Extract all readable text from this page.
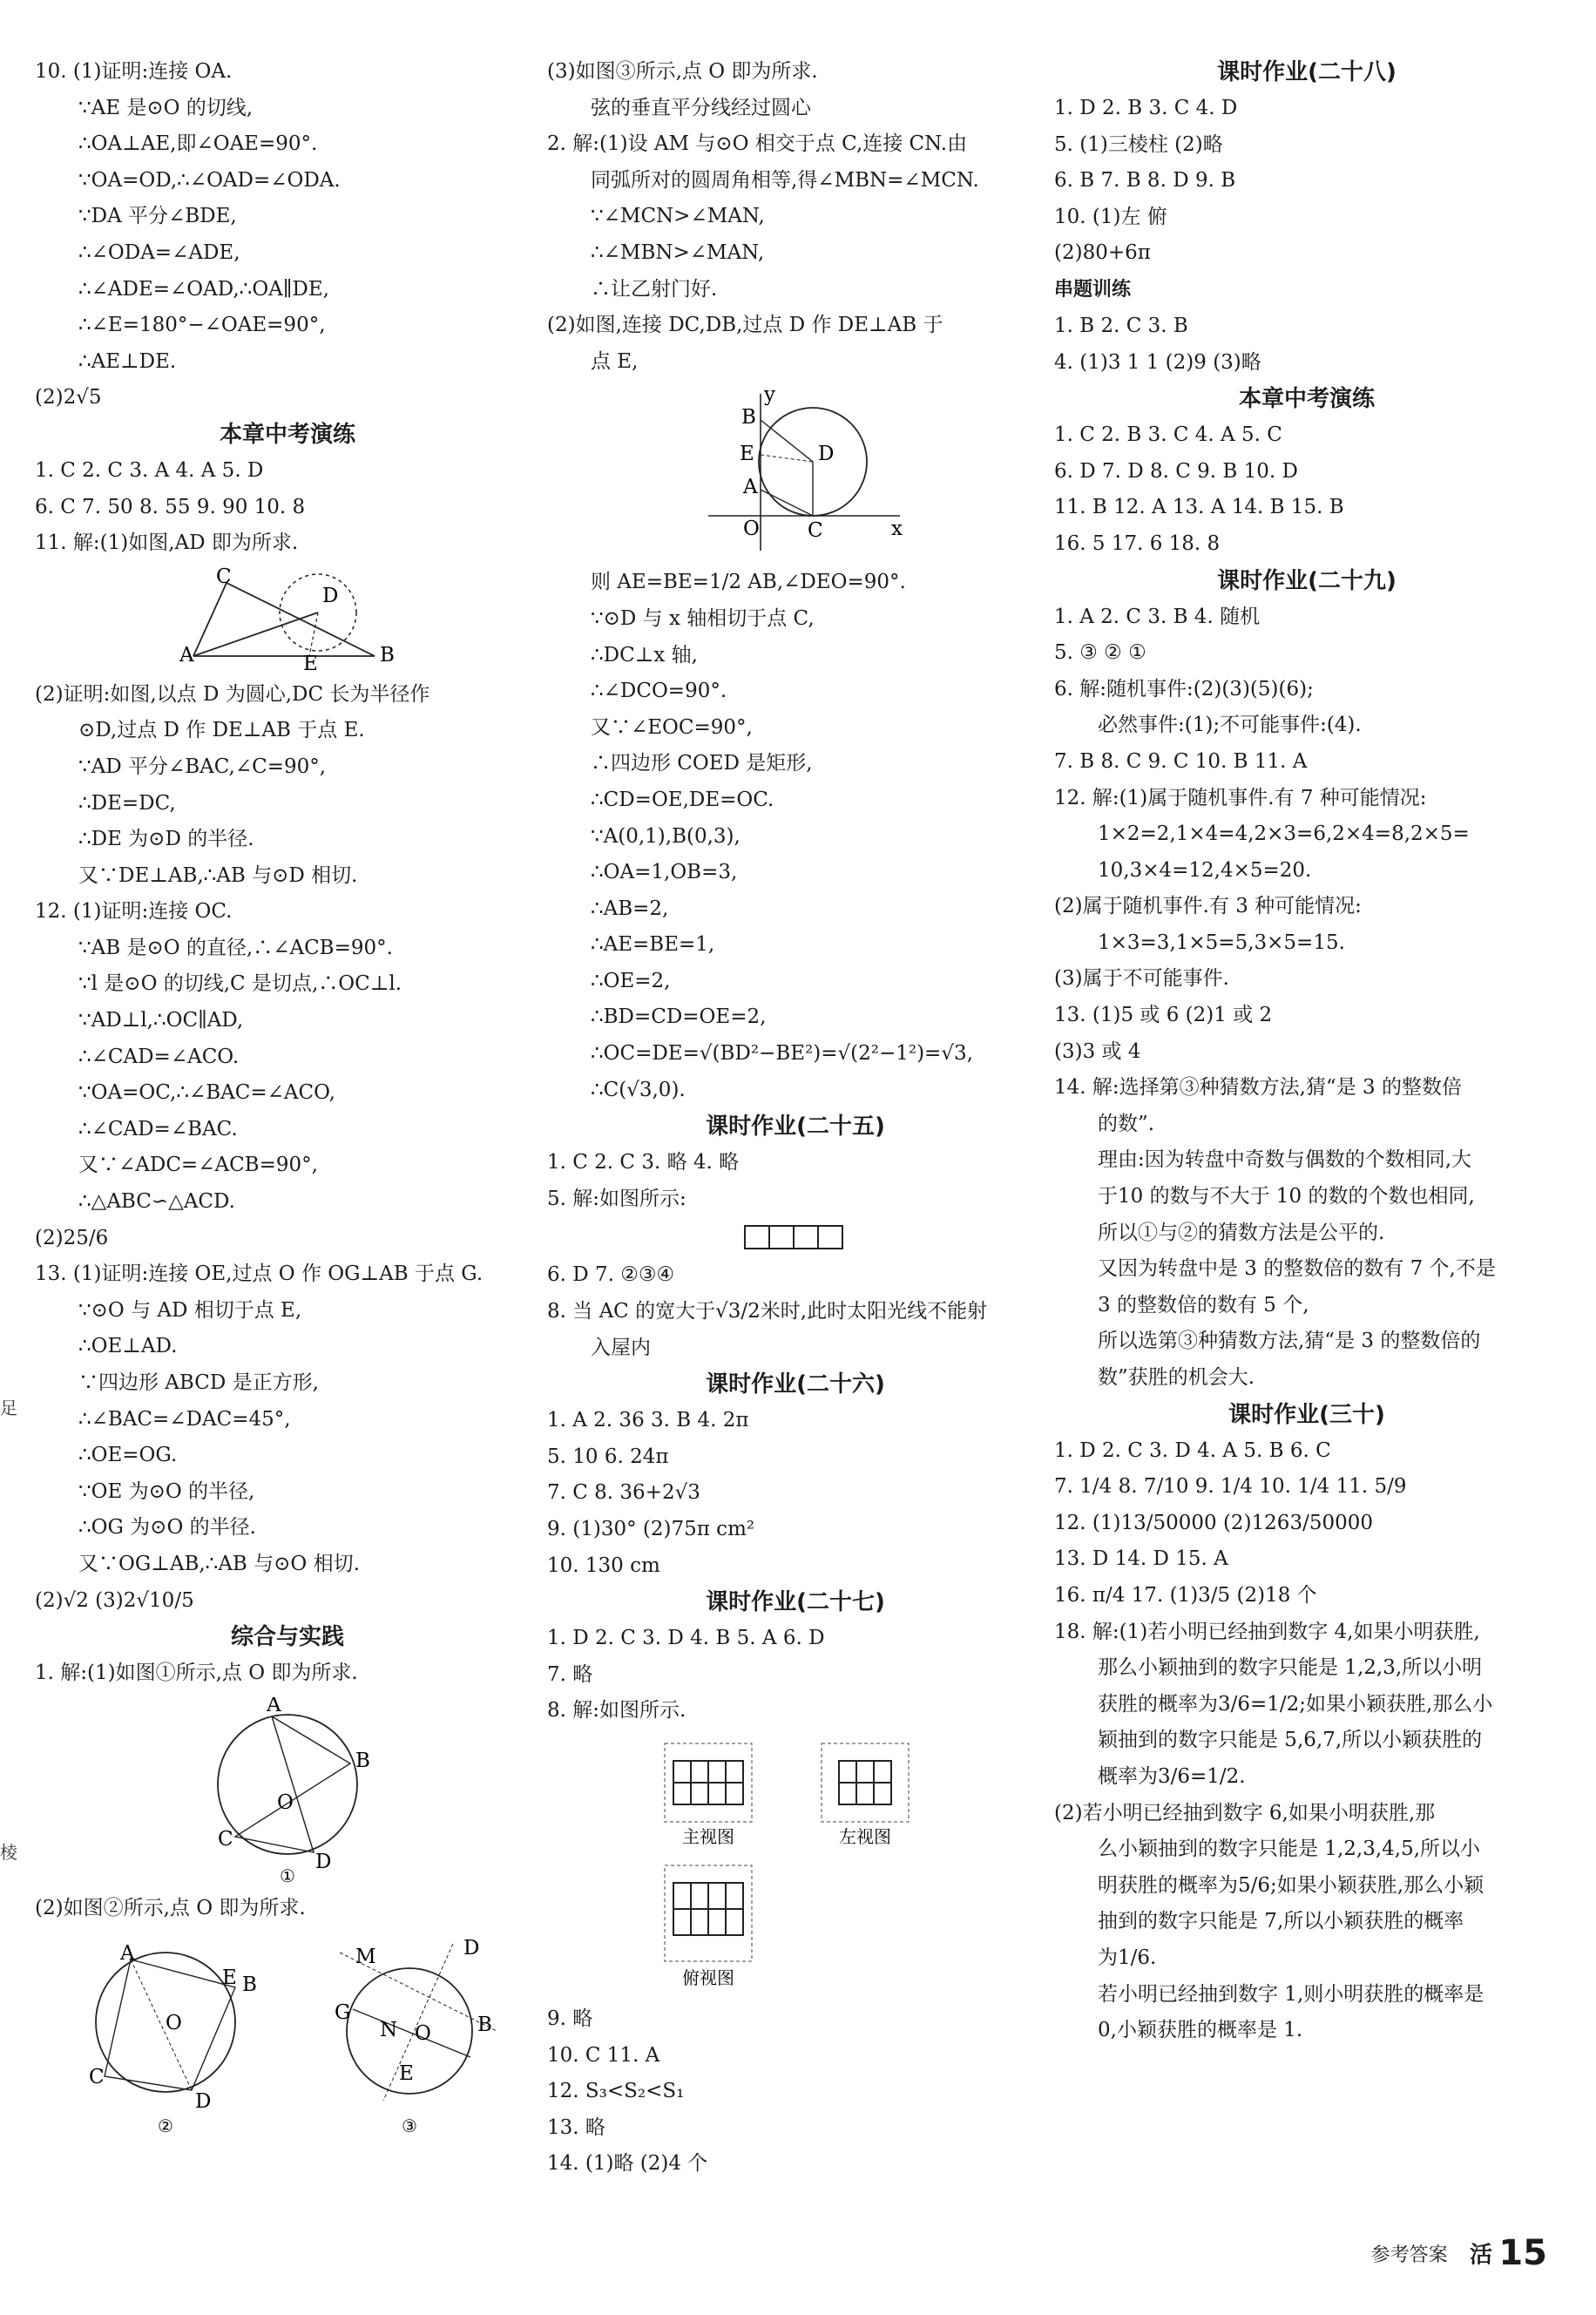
10. (1)证明:连接 OA.
∵AE 是⊙O 的切线,
∴OA⊥AE,即∠OAE=90°.
∵OA=OD,∴∠OAD=∠ODA.
∵DA 平分∠BDE,
∴∠ODA=∠ADE,
∴∠ADE=∠OAD,∴OA∥DE,
∴∠E=180°−∠OAE=90°,
∴AE⊥DE.
(2)2√5
本章中考演练
1. C 2. C 3. A 4. A 5. D
6. C 7. 50 8. 55 9. 90 10. 8
11. 解:(1)如图,AD 即为所求.
C
D
A	E	B
(2)证明:如图,以点 D 为圆心,DC 长为半径作
⊙D,过点 D 作 DE⊥AB 于点 E.
∵AD 平分∠BAC,∠C=90°,
∴DE=DC,
∴DE 为⊙D 的半径.
又∵DE⊥AB,∴AB 与⊙D 相切.
12. (1)证明:连接 OC.
∵AB 是⊙O 的直径,∴∠ACB=90°.
∵l 是⊙O 的切线,C 是切点,∴OC⊥l.
∵AD⊥l,∴OC∥AD,
∴∠CAD=∠ACO.
∵OA=OC,∴∠BAC=∠ACO,
∴∠CAD=∠BAC.
又∵∠ADC=∠ACB=90°,
∴△ABC∽△ACD.
(2)25/6
13. (1)证明:连接 OE,过点 O 作 OG⊥AB 于点 G.
∵⊙O 与 AD 相切于点 E,
∴OE⊥AD.
∵四边形 ABCD 是正方形,
∴∠BAC=∠DAC=45°,
∴OE=OG.
∵OE 为⊙O 的半径,
∴OG 为⊙O 的半径.
又∵OG⊥AB,∴AB 与⊙O 相切.
(2)√2 (3)2√10/5
综合与实践
1. 解:(1)如图①所示,点 O 即为所求.
A
B
C
O
D
①
(2)如图②所示,点 O 即为所求.
A
E B
C
O
D
②
M	D
G
N O B
E
③
(3)如图③所示,点 O 即为所求.
弦的垂直平分线经过圆心
2. 解:(1)设 AM 与⊙O 相交于点 C,连接 CN.由
同弧所对的圆周角相等,得∠MBN=∠MCN.
∵∠MCN>∠MAN,
∴∠MBN>∠MAN,
∴让乙射门好.
(2)如图,连接 DC,DB,过点 D 作 DE⊥AB 于
点 E,
y
B
D
E
A
O C	x
则 AE=BE=1/2 AB,∠DEO=90°.
∵⊙D 与 x 轴相切于点 C,
∴DC⊥x 轴,
∴∠DCO=90°.
又∵∠EOC=90°,
∴四边形 COED 是矩形,
∴CD=OE,DE=OC.
∵A(0,1),B(0,3),
∴OA=1,OB=3,
∴AB=2,
∴AE=BE=1,
∴OE=2,
∴BD=CD=OE=2,
∴OC=DE=√(BD²−BE²)=√(2²−1²)=√3,
∴C(√3,0).
课时作业(二十五)
1. C 2. C 3. 略 4. 略
5. 解:如图所示:
6. D 7. ②③④
8. 当 AC 的宽大于√3/2米时,此时太阳光线不能射
入屋内
课时作业(二十六)
1. A 2. 36 3. B 4. 2π
5. 10 6. 24π
7. C 8. 36+2√3
9. (1)30° (2)75π cm²
10. 130 cm
课时作业(二十七)
1. D 2. C 3. D 4. B 5. A 6. D
7. 略
8. 解:如图所示.
主视图	左视图
俯视图
9. 略
10. C 11. A
12. S₃<S₂<S₁
13. 略
14. (1)略 (2)4 个
课时作业(二十八)
1. D 2. B 3. C 4. D
5. (1)三棱柱 (2)略
6. B 7. B 8. D 9. B
10. (1)左 俯
(2)80+6π
串题训练
1. B 2. C 3. B
4. (1)3 1 1 (2)9 (3)略
本章中考演练
1. C 2. B 3. C 4. A 5. C
6. D 7. D 8. C 9. B 10. D
11. B 12. A 13. A 14. B 15. B
16. 5 17. 6 18. 8
课时作业(二十九)
1. A 2. C 3. B 4. 随机
5. ③ ② ①
6. 解:随机事件:(2)(3)(5)(6);
必然事件:(1);不可能事件:(4).
7. B 8. C 9. C 10. B 11. A
12. 解:(1)属于随机事件.有 7 种可能情况:
1×2=2,1×4=4,2×3=6,2×4=8,2×5=
10,3×4=12,4×5=20.
(2)属于随机事件.有 3 种可能情况:
1×3=3,1×5=5,3×5=15.
(3)属于不可能事件.
13. (1)5 或 6 (2)1 或 2
(3)3 或 4
14. 解:选择第③种猜数方法,猜“是 3 的整数倍
的数”.
理由:因为转盘中奇数与偶数的个数相同,大
于10 的数与不大于 10 的数的个数也相同,
所以①与②的猜数方法是公平的.
又因为转盘中是 3 的整数倍的数有 7 个,不是
3 的整数倍的数有 5 个,
所以选第③种猜数方法,猜“是 3 的整数倍的
数”获胜的机会大.
课时作业(三十)
1. D 2. C 3. D 4. A 5. B 6. C
7. 1/4 8. 7/10 9. 1/4 10. 1/4 11. 5/9
12. (1)13/50000 (2)1263/50000
13. D 14. D 15. A
16. π/4 17. (1)3/5 (2)18 个
18. 解:(1)若小明已经抽到数字 4,如果小明获胜,
那么小颖抽到的数字只能是 1,2,3,所以小明
获胜的概率为3/6=1/2;如果小颖获胜,那么小
颖抽到的数字只能是 5,6,7,所以小颖获胜的
概率为3/6=1/2.
(2)若小明已经抽到数字 6,如果小明获胜,那
么小颖抽到的数字只能是 1,2,3,4,5,所以小
明获胜的概率为5/6;如果小颖获胜,那么小颖
抽到的数字只能是 7,所以小颖获胜的概率
为1/6.
若小明已经抽到数字 1,则小明获胜的概率是
0,小颖获胜的概率是 1.
足
棱
参考答案 活 15
